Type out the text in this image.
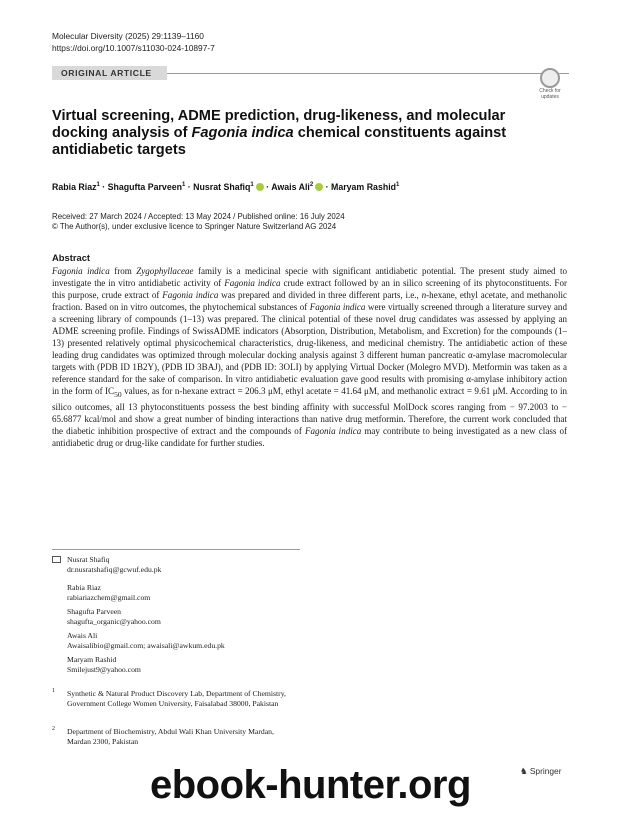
Molecular Diversity (2025) 29:1139–1160
https://doi.org/10.1007/s11030-024-10897-7
ORIGINAL ARTICLE
Check for updates
Virtual screening, ADME prediction, drug-likeness, and molecular docking analysis of Fagonia indica chemical constituents against antidiabetic targets
Rabia Riaz$^1$ · Shagufta Parveen$^1$ · Nusrat Shafiq$^1$ · Awais Ali$^2$ · Maryam Rashid$^1$
Received: 27 March 2024 / Accepted: 13 May 2024 / Published online: 16 July 2024
© The Author(s), under exclusive licence to Springer Nature Switzerland AG 2024
Abstract

Fagonia indica from Zygophyllaceae family is a medicinal specie with significant antidiabetic potential. The present study aimed to investigate the in vitro antidiabetic activity of Fagonia indica crude extract followed by an in silico screening of its phytoconstituents. For this purpose, crude extract of Fagonia indica was prepared and divided in three different parts, i.e., n-hexane, ethyl acetate, and methanolic fraction. Based on in vitro outcomes, the phytochemical substances of Fagonia indica were virtually screened through a literature survey and a screening library of compounds (1–13) was prepared. The clinical potential of these novel drug candidates was assessed by applying an ADME screening profile. Findings of SwissADME indicators (Absorption, Distribution, Metabolism, and Excretion) for the compounds (1–13) presented relatively optimal physicochemical characteristics, drug-likeness, and medicinal chemistry. The antidiabetic action of these leading drug candidates was optimized through molecular docking analysis against 3 different human pancreatic α-amylase macromolecular targets with (PDB ID 1B2Y), (PDB ID 3BAJ), and (PDB ID: 3OLI) by applying Virtual Docker (Molegro MVD). Metformin was taken as a reference standard for the sake of comparison. In vitro antidiabetic evaluation gave good results with promising α-amylase inhibitory action in the form of $IC_{50}$ values, as for n-hexane extract = 206.3 μM, ethyl acetate = 41.64 μM, and methanolic extract = 9.61 μM. According to in silico outcomes, all 13 phytoconstituents possess the best binding affinity with successful MolDock scores ranging from − 97.2003 to − 65.6877 kcal/mol and show a great number of binding interactions than native drug metformin. Therefore, the current work concluded that the diabetic inhibition prospective of extract and the compounds of Fagonia indica may contribute to being investigated as a new class of antidiabetic drug or drug-like candidate for further studies.

Nusrat Shafiq
dr.nusratshafiq@gcwuf.edu.pk
Rabia Riaz
rabiariazchem@gmail.com
Shagufta Parveen
shagufta_organic@yahoo.com
Awais Ali
Awaisalibio@gmail.com; awaisali@awkum.edu.pk
Maryam Rashid
Smilejust9@yahoo.com
1 Synthetic & Natural Product Discovery Lab, Department of Chemistry, Government College Women University, Faisalabad 38000, Pakistan
2 Department of Biochemistry, Abdul Wali Khan University Mardan, Mardan 2300, Pakistan
ebook-hunter.org	♞ Springer
